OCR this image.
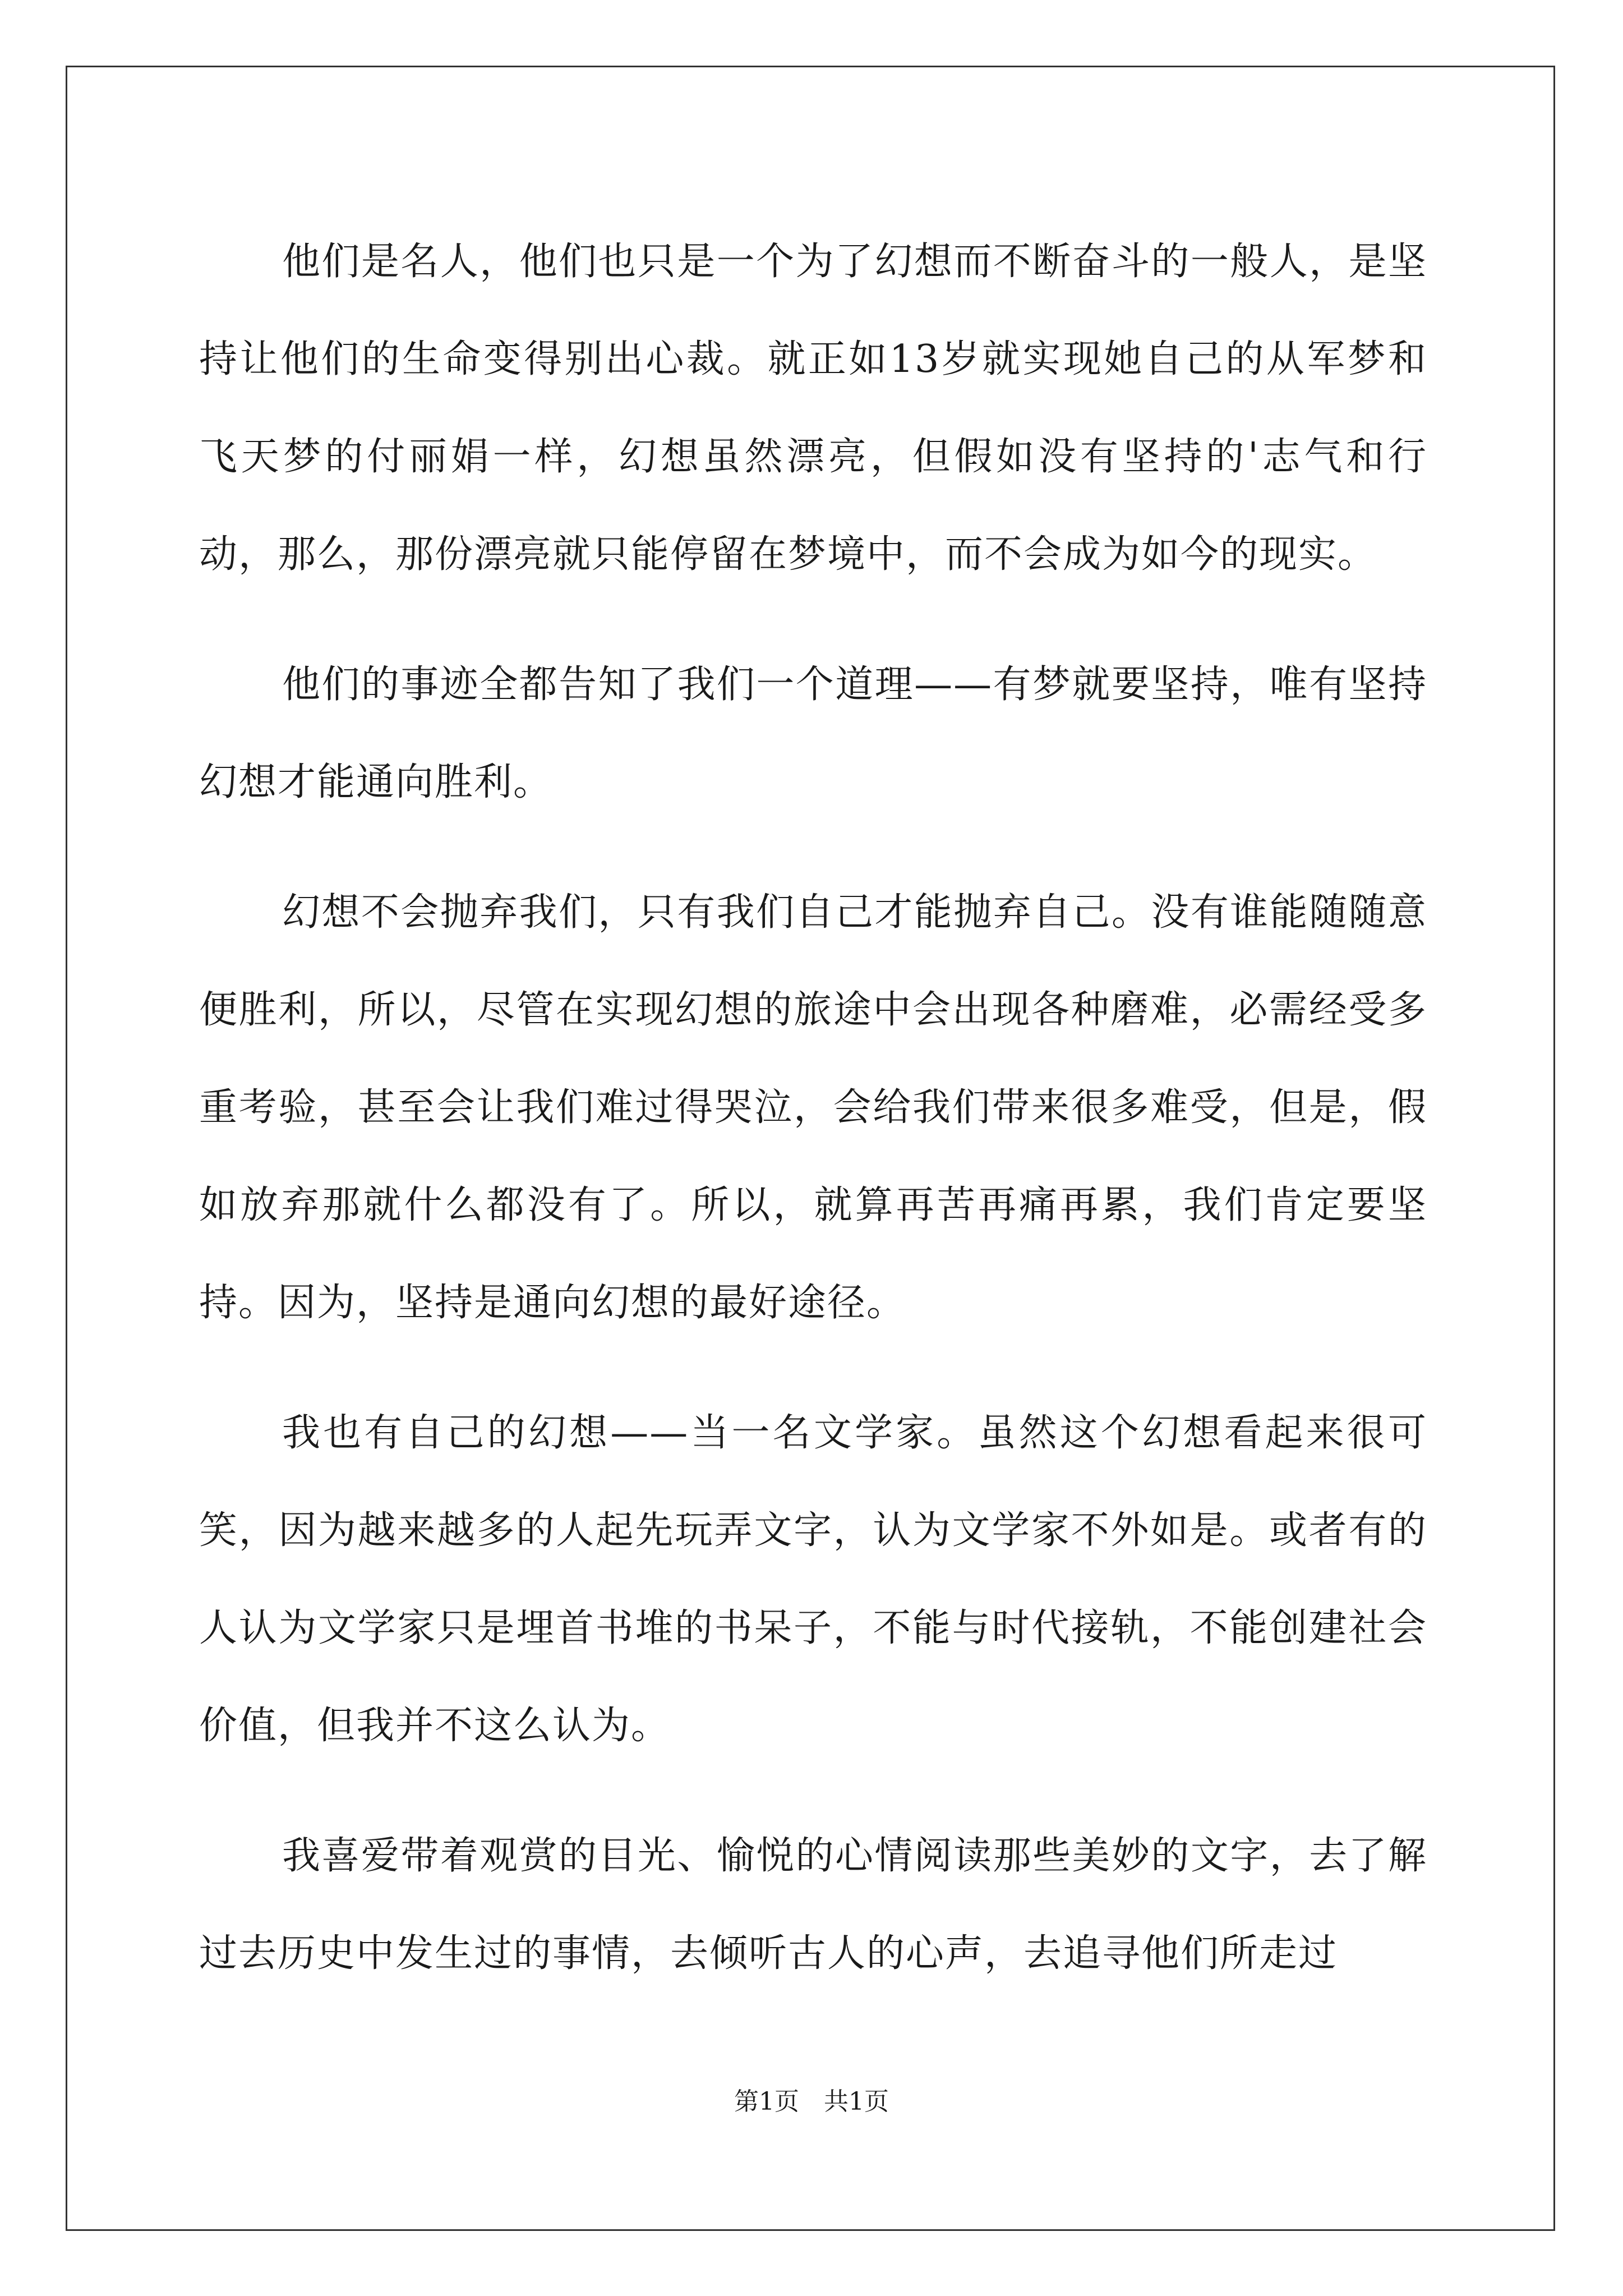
他们是名人，他们也只是一个为了幻想而不断奋斗的一般人，是坚持让他们的生命变得别出心裁。就正如13岁就实现她自己的从军梦和飞天梦的付丽娟一样，幻想虽然漂亮，但假如没有坚持的'志气和行动，那么，那份漂亮就只能停留在梦境中，而不会成为如今的现实。

他们的事迹全都告知了我们一个道理——有梦就要坚持，唯有坚持幻想才能通向胜利。

幻想不会抛弃我们，只有我们自己才能抛弃自己。没有谁能随随意便胜利，所以，尽管在实现幻想的旅途中会出现各种磨难，必需经受多重考验，甚至会让我们难过得哭泣，会给我们带来很多难受，但是，假如放弃那就什么都没有了。所以，就算再苦再痛再累，我们肯定要坚持。因为，坚持是通向幻想的最好途径。

我也有自己的幻想——当一名文学家。虽然这个幻想看起来很可笑，因为越来越多的人起先玩弄文字，认为文学家不外如是。或者有的人认为文学家只是埋首书堆的书呆子，不能与时代接轨，不能创建社会价值，但我并不这么认为。

我喜爱带着观赏的目光、愉悦的心情阅读那些美妙的文字，去了解过去历史中发生过的事情，去倾听古人的心声，去追寻他们所走过

第1页 共1页
